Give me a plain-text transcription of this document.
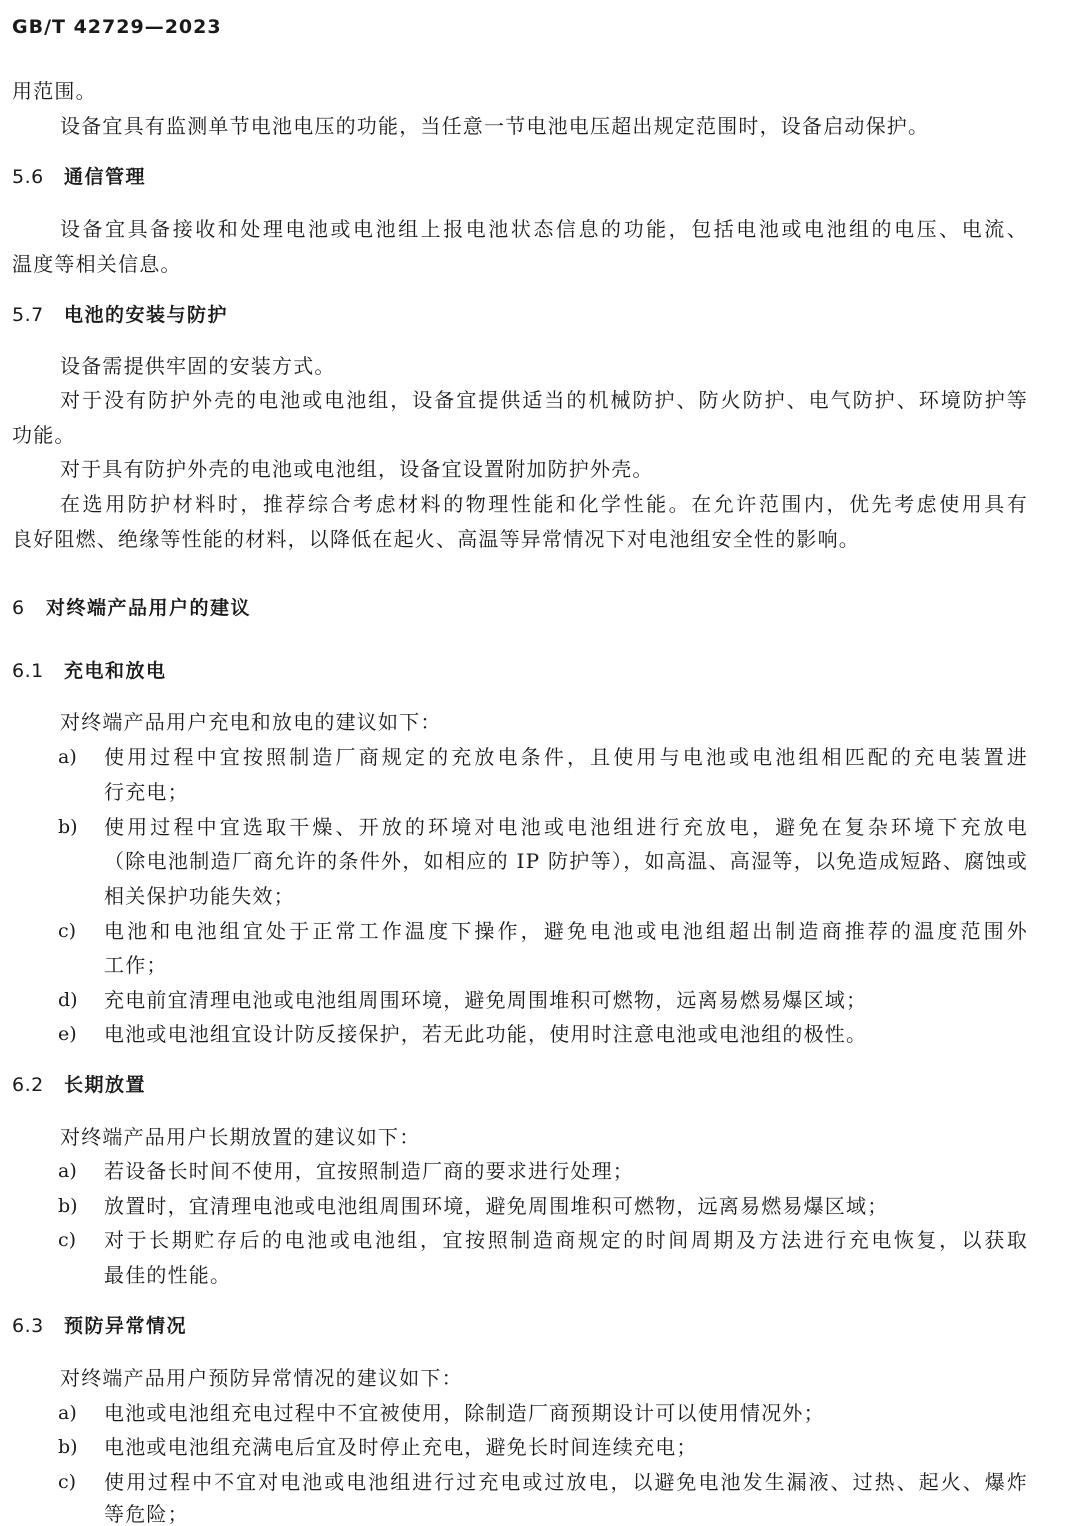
GB/T 42729—2023
用范围。
设备宜具有监测单节电池电压的功能，当任意一节电池电压超出规定范围时，设备启动保护。
5.6 通信管理
设备宜具备接收和处理电池或电池组上报电池状态信息的功能，包括电池或电池组的电压、电流、
温度等相关信息。
5.7 电池的安装与防护
设备需提供牢固的安装方式。
对于没有防护外壳的电池或电池组，设备宜提供适当的机械防护、防火防护、电气防护、环境防护等
功能。
对于具有防护外壳的电池或电池组，设备宜设置附加防护外壳。
在选用防护材料时，推荐综合考虑材料的物理性能和化学性能。在允许范围内，优先考虑使用具有
良好阻燃、绝缘等性能的材料，以降低在起火、高温等异常情况下对电池组安全性的影响。
6 对终端产品用户的建议
6.1 充电和放电
对终端产品用户充电和放电的建议如下：
a) 使用过程中宜按照制造厂商规定的充放电条件，且使用与电池或电池组相匹配的充电装置进
行充电；
b) 使用过程中宜选取干燥、开放的环境对电池或电池组进行充放电，避免在复杂环境下充放电
（除电池制造厂商允许的条件外，如相应的 IP 防护等），如高温、高湿等，以免造成短路、腐蚀或
相关保护功能失效；
c) 电池和电池组宜处于正常工作温度下操作，避免电池或电池组超出制造商推荐的温度范围外
工作；
d) 充电前宜清理电池或电池组周围环境，避免周围堆积可燃物，远离易燃易爆区域；
e) 电池或电池组宜设计防反接保护，若无此功能，使用时注意电池或电池组的极性。
6.2 长期放置
对终端产品用户长期放置的建议如下：
a) 若设备长时间不使用，宜按照制造厂商的要求进行处理；
b) 放置时，宜清理电池或电池组周围环境，避免周围堆积可燃物，远离易燃易爆区域；
c) 对于长期贮存后的电池或电池组，宜按照制造商规定的时间周期及方法进行充电恢复，以获取
最佳的性能。
6.3 预防异常情况
对终端产品用户预防异常情况的建议如下：
a) 电池或电池组充电过程中不宜被使用，除制造厂商预期设计可以使用情况外；
b) 电池或电池组充满电后宜及时停止充电，避免长时间连续充电；
c) 使用过程中不宜对电池或电池组进行过充电或过放电，以避免电池发生漏液、过热、起火、爆炸
等危险；
